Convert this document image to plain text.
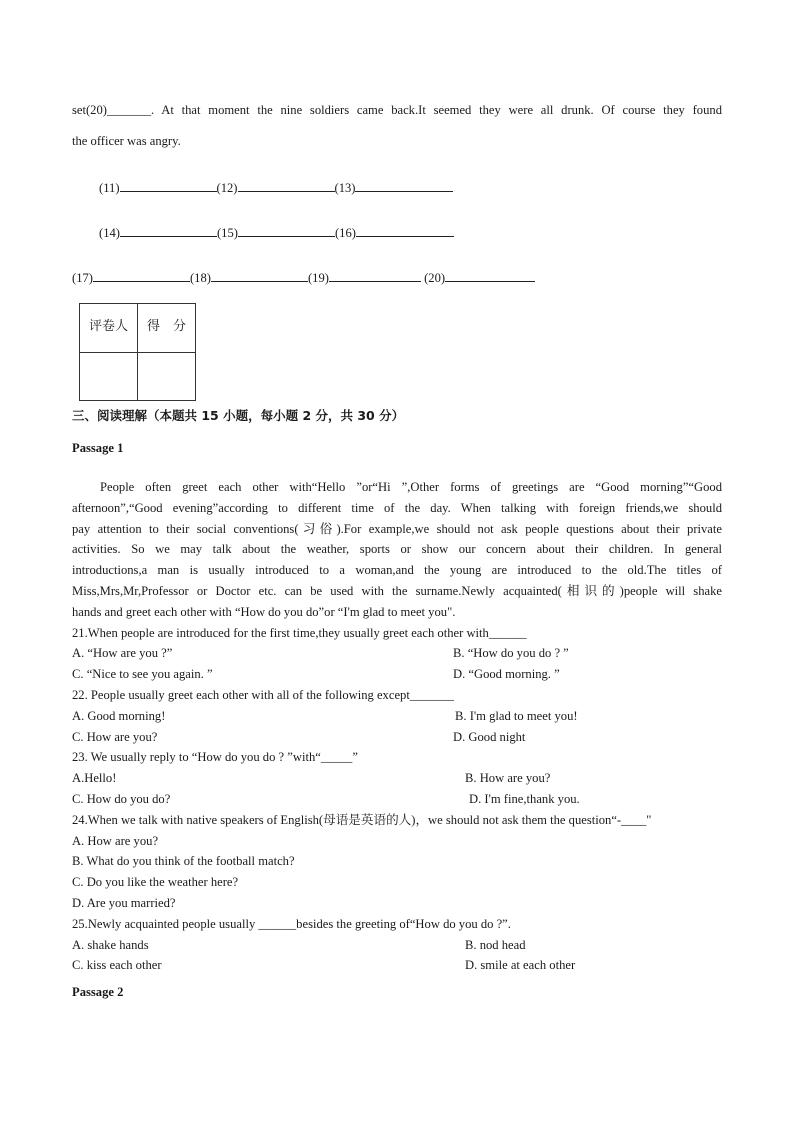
set(20)_______. At that moment the nine soldiers came back.It seemed they were all drunk. Of course they found
the officer was angry.
(11)	(12)	(13)
(14)	(15)	(16)
(17)	(18)	(19)	(20)
评卷人	得　分

三、阅读理解（本题共 15 小题，每小题 2 分，共 30 分）
Passage 1
People often greet each other with“Hello ”or“Hi ”,Other forms of greetings are “Good morning”“Good
afternoon”,“Good evening”according to different time of the day. When talking with foreign friends,we should
pay attention to their social conventions(习俗).For example,we should not ask people questions about their private
activities. So we may talk about the weather, sports or show our concern about their children. In general
introductions,a man is usually introduced to a woman,and the young are introduced to the old.The titles of
Miss,Mrs,Mr,Professor or Doctor etc. can be used with the surname.Newly acquainted(相识的)people will shake
hands and greet each other with “How do you do”or “I'm glad to meet you".
21.When people are introduced for the first time,they usually greet each other with______
A. “How are you ?”	B. “How do you do ? ”
C. “Nice to see you again. ”	D. “Good morning. ”
22. People usually greet each other with all of the following except_______
A. Good morning!	B. I'm glad to meet you!
C. How are you?	D. Good night
23. We usually reply to “How do you do ? ”with“_____”
A.Hello!	B. How are you?
C. How do you do?	D. I'm fine,thank you.
24.When we talk with native speakers of English(母语是英语的人)，we should not ask them the question“-____"
A. How are you?
B. What do you think of the football match?
C. Do you like the weather here?
D. Are you married?
25.Newly acquainted people usually ______besides the greeting of“How do you do ?”.
A. shake hands	B. nod head
C. kiss each other	D. smile at each other
Passage 2
